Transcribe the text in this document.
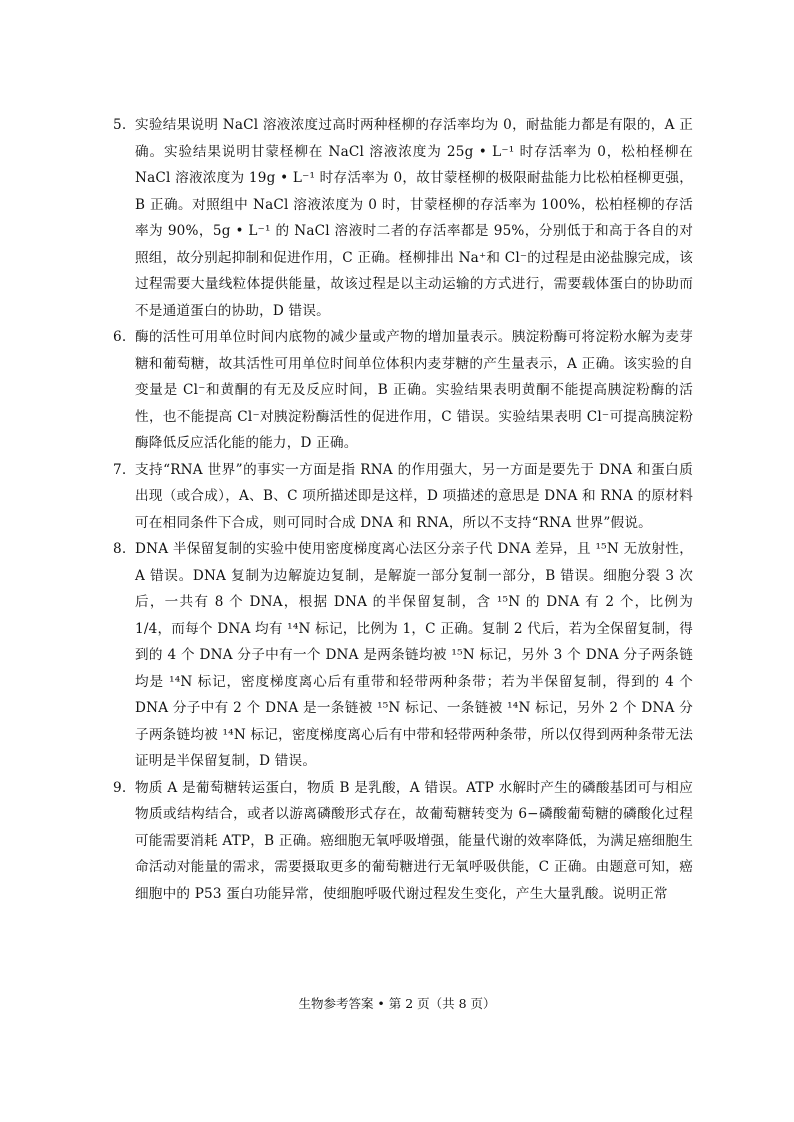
5. 实验结果说明 NaCl 溶液浓度过高时两种柽柳的存活率均为 0，耐盐能力都是有限的，A 正确。实验结果说明甘蒙柽柳在 NaCl 溶液浓度为 25g • L⁻¹ 时存活率为 0，松柏柽柳在 NaCl 溶液浓度为 19g • L⁻¹ 时存活率为 0，故甘蒙柽柳的极限耐盐能力比松柏柽柳更强，B 正确。对照组中 NaCl 溶液浓度为 0 时，甘蒙柽柳的存活率为 100%，松柏柽柳的存活率为 90%，5g • L⁻¹ 的 NaCl 溶液时二者的存活率都是 95%，分别低于和高于各自的对照组，故分别起抑制和促进作用，C 正确。柽柳排出 Na⁺和 Cl⁻的过程是由泌盐腺完成，该过程需要大量线粒体提供能量，故该过程是以主动运输的方式进行，需要载体蛋白的协助而不是通道蛋白的协助，D 错误。
6. 酶的活性可用单位时间内底物的减少量或产物的增加量表示。胰淀粉酶可将淀粉水解为麦芽糖和葡萄糖，故其活性可用单位时间单位体积内麦芽糖的产生量表示，A 正确。该实验的自变量是 Cl⁻和黄酮的有无及反应时间，B 正确。实验结果表明黄酮不能提高胰淀粉酶的活性，也不能提高 Cl⁻对胰淀粉酶活性的促进作用，C 错误。实验结果表明 Cl⁻可提高胰淀粉酶降低反应活化能的能力，D 正确。
7. 支持“RNA 世界”的事实一方面是指 RNA 的作用强大，另一方面是要先于 DNA 和蛋白质出现（或合成），A、B、C 项所描述即是这样，D 项描述的意思是 DNA 和 RNA 的原材料可在相同条件下合成，则可同时合成 DNA 和 RNA，所以不支持“RNA 世界”假说。
8. DNA 半保留复制的实验中使用密度梯度离心法区分亲子代 DNA 差异，且 ¹⁵N 无放射性，A 错误。DNA 复制为边解旋边复制，是解旋一部分复制一部分，B 错误。细胞分裂 3 次后，一共有 8 个 DNA，根据 DNA 的半保留复制，含 ¹⁵N 的 DNA 有 2 个，比例为 1/4，而每个 DNA 均有 ¹⁴N 标记，比例为 1，C 正确。复制 2 代后，若为全保留复制，得到的 4 个 DNA 分子中有一个 DNA 是两条链均被 ¹⁵N 标记，另外 3 个 DNA 分子两条链均是 ¹⁴N 标记，密度梯度离心后有重带和轻带两种条带；若为半保留复制，得到的 4 个 DNA 分子中有 2 个 DNA 是一条链被 ¹⁵N 标记、一条链被 ¹⁴N 标记，另外 2 个 DNA 分子两条链均被 ¹⁴N 标记，密度梯度离心后有中带和轻带两种条带，所以仅得到两种条带无法证明是半保留复制，D 错误。
9. 物质 A 是葡萄糖转运蛋白，物质 B 是乳酸，A 错误。ATP 水解时产生的磷酸基团可与相应物质或结构结合，或者以游离磷酸形式存在，故葡萄糖转变为 6−磷酸葡萄糖的磷酸化过程可能需要消耗 ATP，B 正确。癌细胞无氧呼吸增强，能量代谢的效率降低，为满足癌细胞生命活动对能量的需求，需要摄取更多的葡萄糖进行无氧呼吸供能，C 正确。由题意可知，癌细胞中的 P53 蛋白功能异常，使细胞呼吸代谢过程发生变化，产生大量乳酸。说明正常
生物参考答案 • 第 2 页（共 8 页）
